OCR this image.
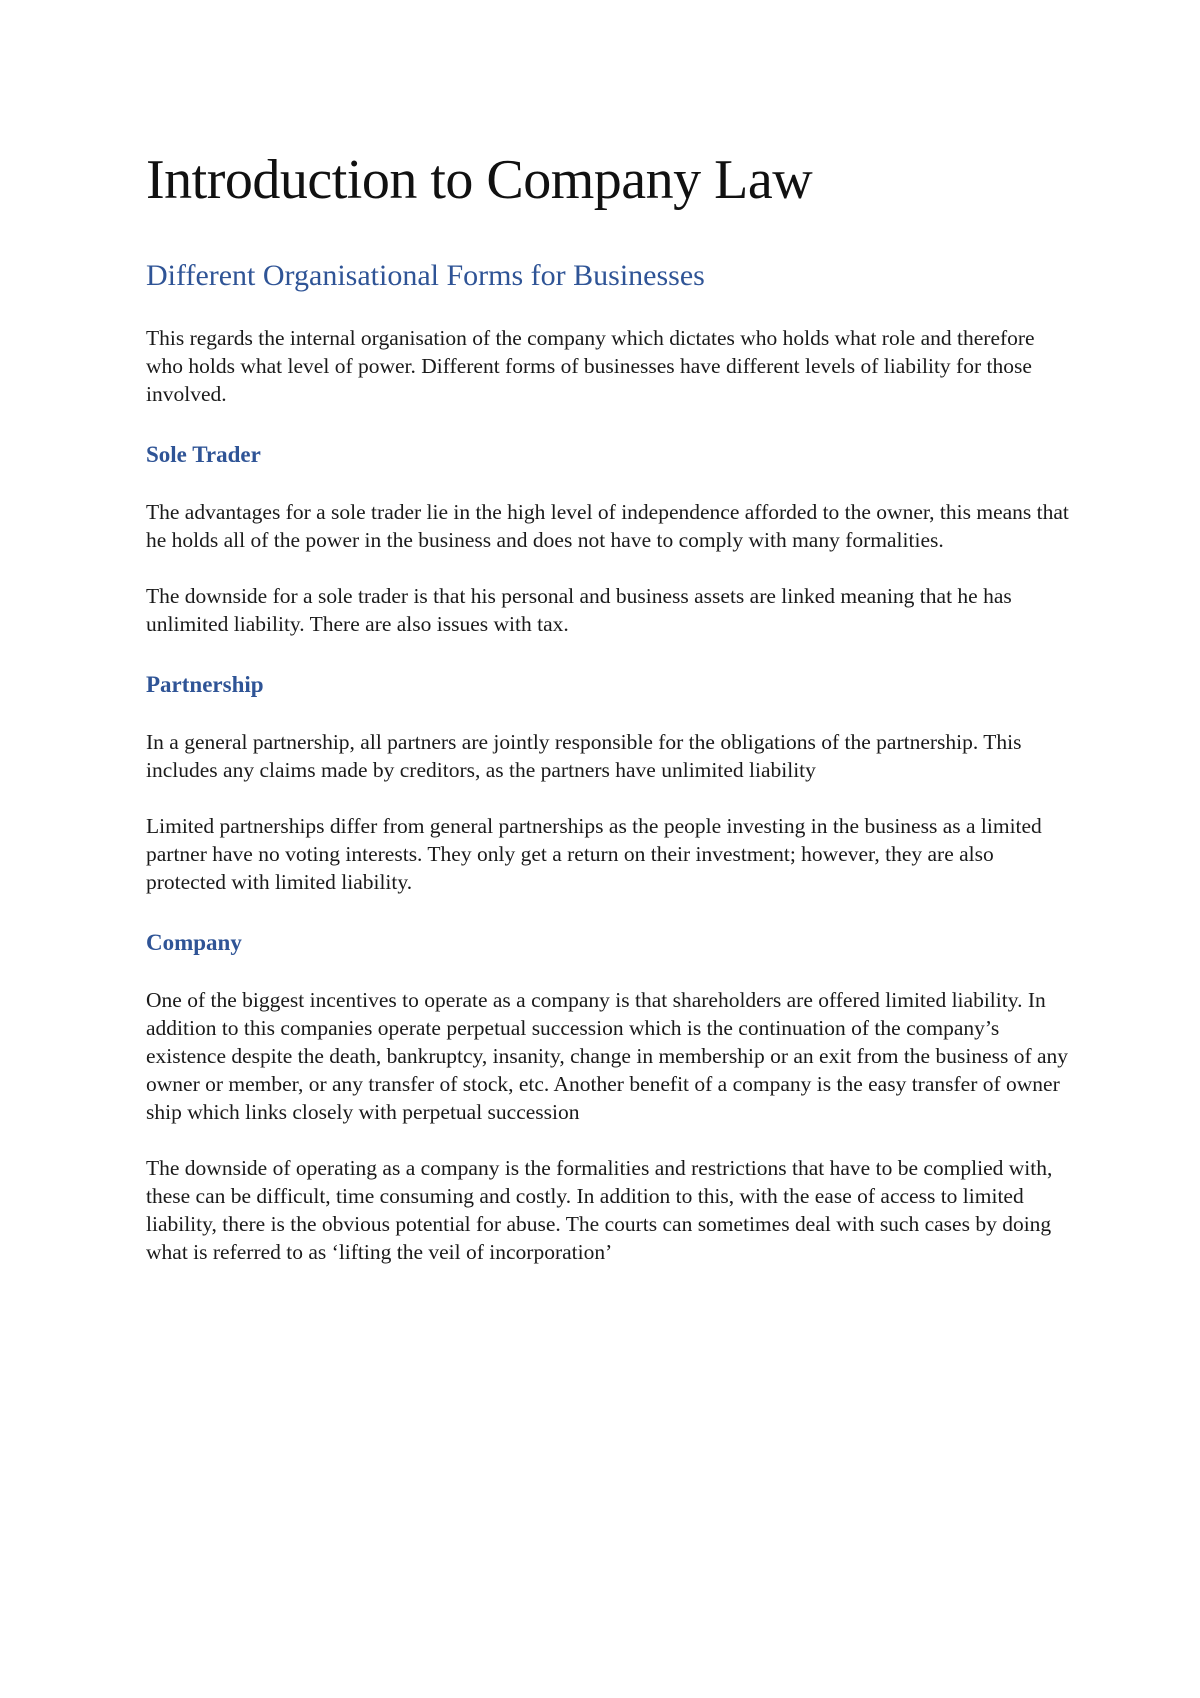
Introduction to Company Law
Different Organisational Forms for Businesses

This regards the internal organisation of the company which dictates who holds what role and therefore who holds what level of power. Different forms of businesses have different levels of liability for those involved.

Sole Trader

The advantages for a sole trader lie in the high level of independence afforded to the owner, this means that he holds all of the power in the business and does not have to comply with many formalities.

The downside for a sole trader is that his personal and business assets are linked meaning that he has unlimited liability. There are also issues with tax.

Partnership

In a general partnership, all partners are jointly responsible for the obligations of the partnership. This includes any claims made by creditors, as the partners have unlimited liability

Limited partnerships differ from general partnerships as the people investing in the business as a limited partner have no voting interests. They only get a return on their investment; however, they are also protected with limited liability.

Company

One of the biggest incentives to operate as a company is that shareholders are offered limited liability. In addition to this companies operate perpetual succession which is the continuation of the company’s existence despite the death, bankruptcy, insanity, change in membership or an exit from the business of any owner or member, or any transfer of stock, etc. Another benefit of a company is the easy transfer of owner ship which links closely with perpetual succession

The downside of operating as a company is the formalities and restrictions that have to be complied with, these can be difficult, time consuming and costly. In addition to this, with the ease of access to limited liability, there is the obvious potential for abuse. The courts can sometimes deal with such cases by doing what is referred to as ‘lifting the veil of incorporation’
